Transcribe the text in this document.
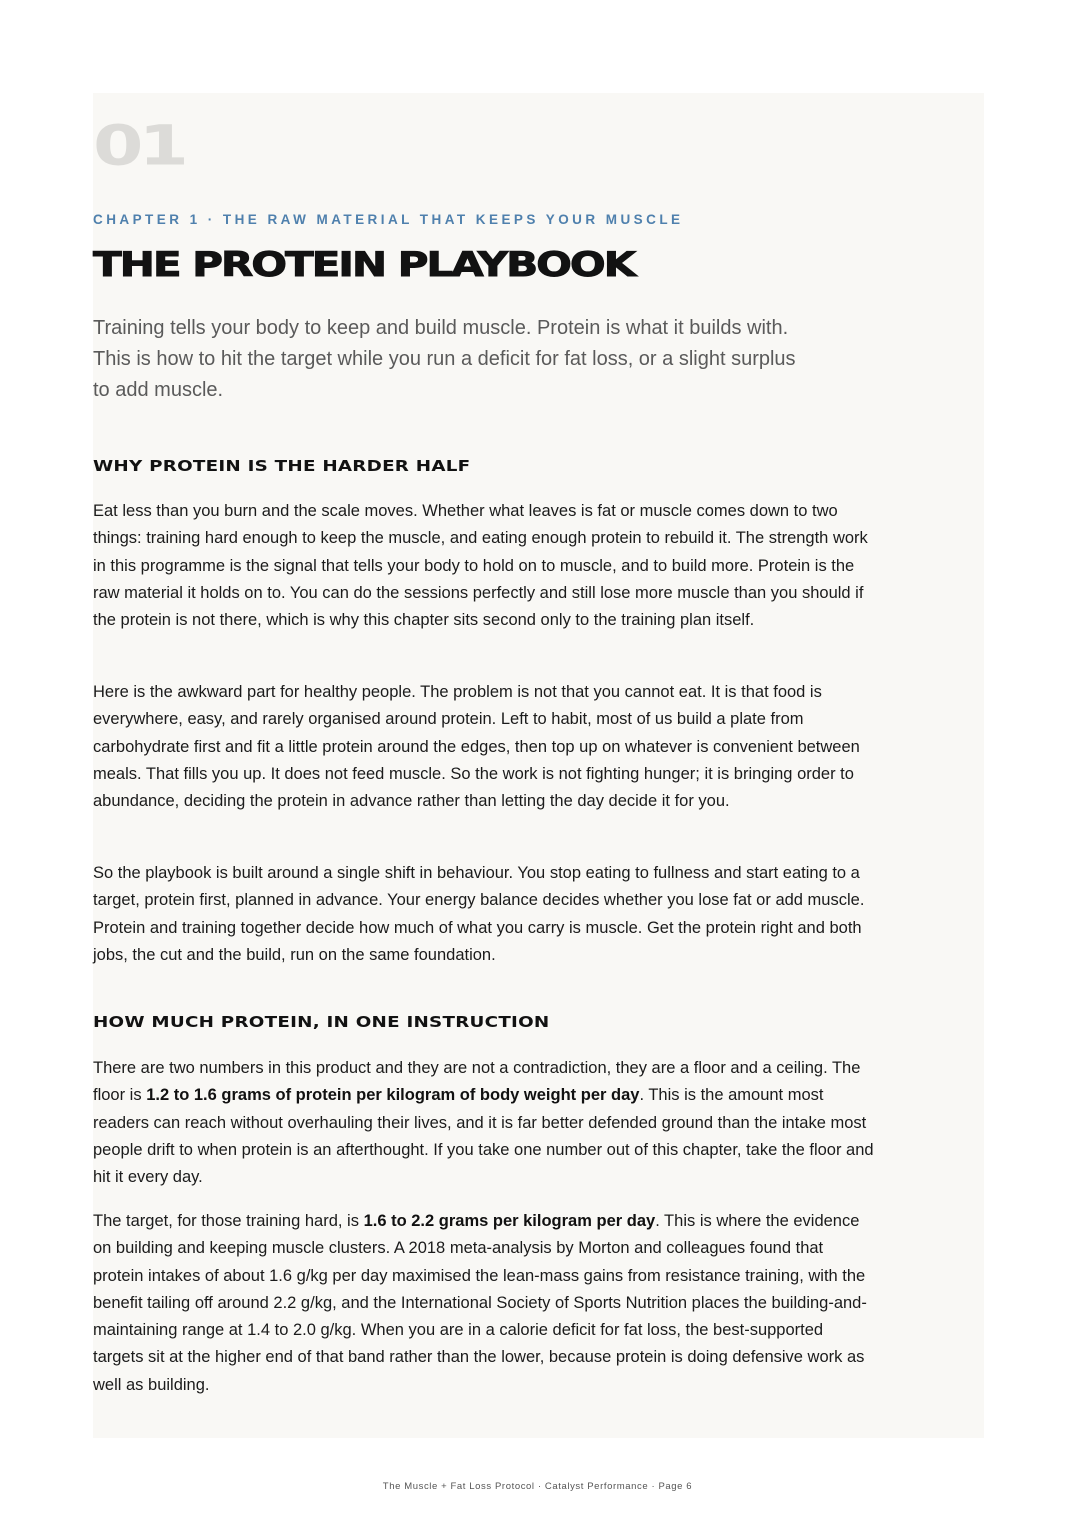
01
CHAPTER 1 · THE RAW MATERIAL THAT KEEPS YOUR MUSCLE
THE PROTEIN PLAYBOOK

Training tells your body to keep and build muscle. Protein is what it builds with. This is how to hit the target while you run a deficit for fat loss, or a slight surplus to add muscle.

WHY PROTEIN IS THE HARDER HALF

Eat less than you burn and the scale moves. Whether what leaves is fat or muscle comes down to two things: training hard enough to keep the muscle, and eating enough protein to rebuild it. The strength work in this programme is the signal that tells your body to hold on to muscle, and to build more. Protein is the raw material it holds on to. You can do the sessions perfectly and still lose more muscle than you should if the protein is not there, which is why this chapter sits second only to the training plan itself.

Here is the awkward part for healthy people. The problem is not that you cannot eat. It is that food is everywhere, easy, and rarely organised around protein. Left to habit, most of us build a plate from carbohydrate first and fit a little protein around the edges, then top up on whatever is convenient between meals. That fills you up. It does not feed muscle. So the work is not fighting hunger; it is bringing order to abundance, deciding the protein in advance rather than letting the day decide it for you.

So the playbook is built around a single shift in behaviour. You stop eating to fullness and start eating to a target, protein first, planned in advance. Your energy balance decides whether you lose fat or add muscle. Protein and training together decide how much of what you carry is muscle. Get the protein right and both jobs, the cut and the build, run on the same foundation.

HOW MUCH PROTEIN, IN ONE INSTRUCTION

There are two numbers in this product and they are not a contradiction, they are a floor and a ceiling. The floor is 1.2 to 1.6 grams of protein per kilogram of body weight per day. This is the amount most readers can reach without overhauling their lives, and it is far better defended ground than the intake most people drift to when protein is an afterthought. If you take one number out of this chapter, take the floor and hit it every day.

The target, for those training hard, is 1.6 to 2.2 grams per kilogram per day. This is where the evidence on building and keeping muscle clusters. A 2018 meta-analysis by Morton and colleagues found that protein intakes of about 1.6 g/kg per day maximised the lean-mass gains from resistance training, with the benefit tailing off around 2.2 g/kg, and the International Society of Sports Nutrition places the building-and-maintaining range at 1.4 to 2.0 g/kg. When you are in a calorie deficit for fat loss, the best-supported targets sit at the higher end of that band rather than the lower, because protein is doing defensive work as well as building.

The Muscle + Fat Loss Protocol · Catalyst Performance · Page 6
